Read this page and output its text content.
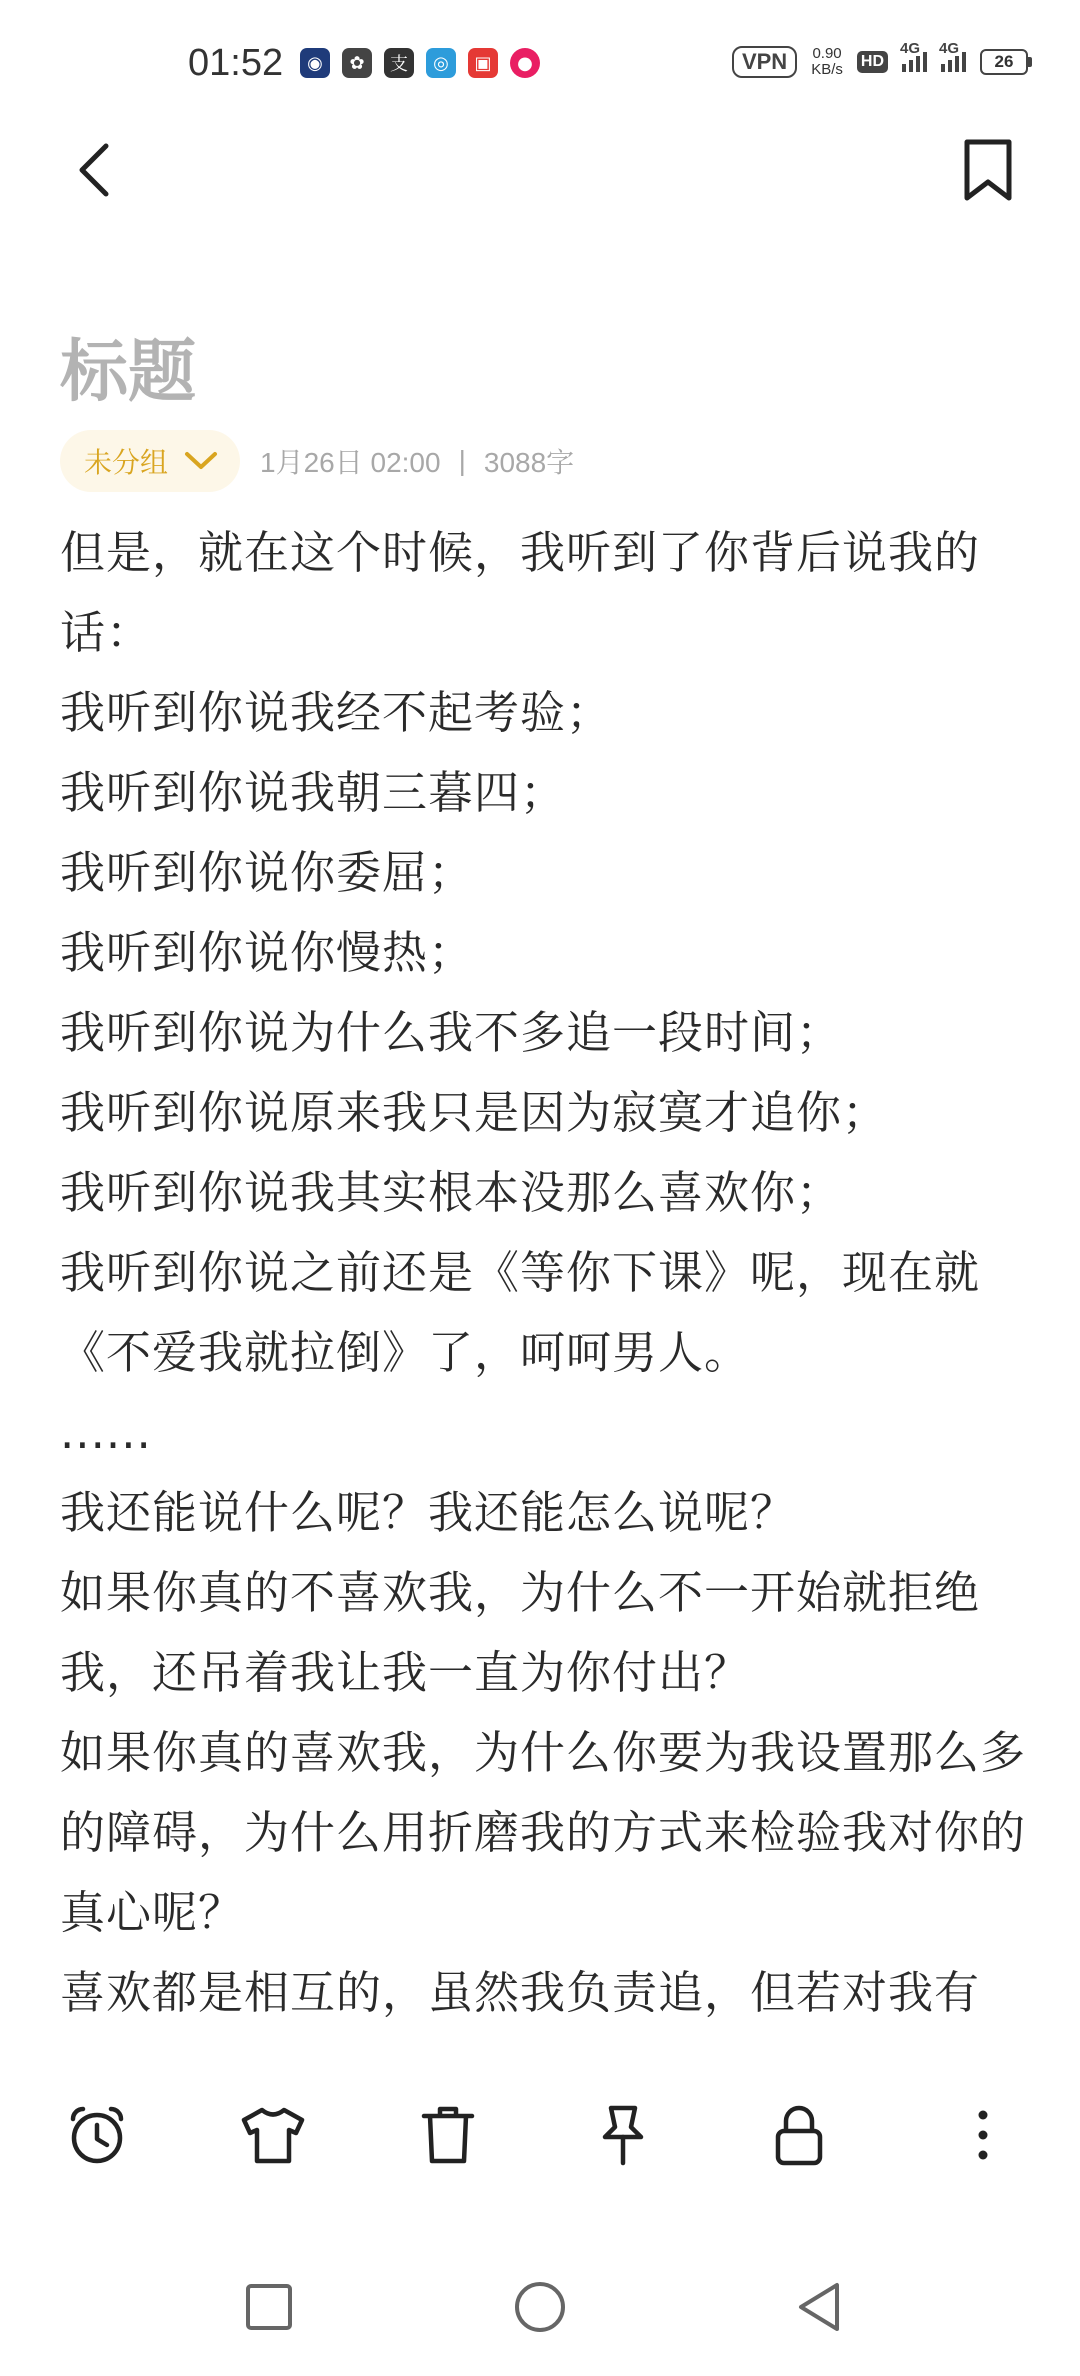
01:52	◉	✿	支	◎	▣	●	VPN	0.90
KB/s HD
4G 4G
26
标题
未分组	1月26日 02:00 | 3088字

但是，就在这个时候，我听到了你背后说我的话：

我听到你说我经不起考验；

我听到你说我朝三暮四；

我听到你说你委屈；

我听到你说你慢热；

我听到你说为什么我不多追一段时间；

我听到你说原来我只是因为寂寞才追你；

我听到你说我其实根本没那么喜欢你；

我听到你说之前还是《等你下课》呢，现在就《不爱我就拉倒》了，呵呵男人。

......

我还能说什么呢？我还能怎么说呢？

如果你真的不喜欢我，为什么不一开始就拒绝我，还吊着我让我一直为你付出？

如果你真的喜欢我，为什么你要为我设置那么多的障碍，为什么用折磨我的方式来检验我对你的真心呢？

喜欢都是相互的，虽然我负责追，但若对我有
